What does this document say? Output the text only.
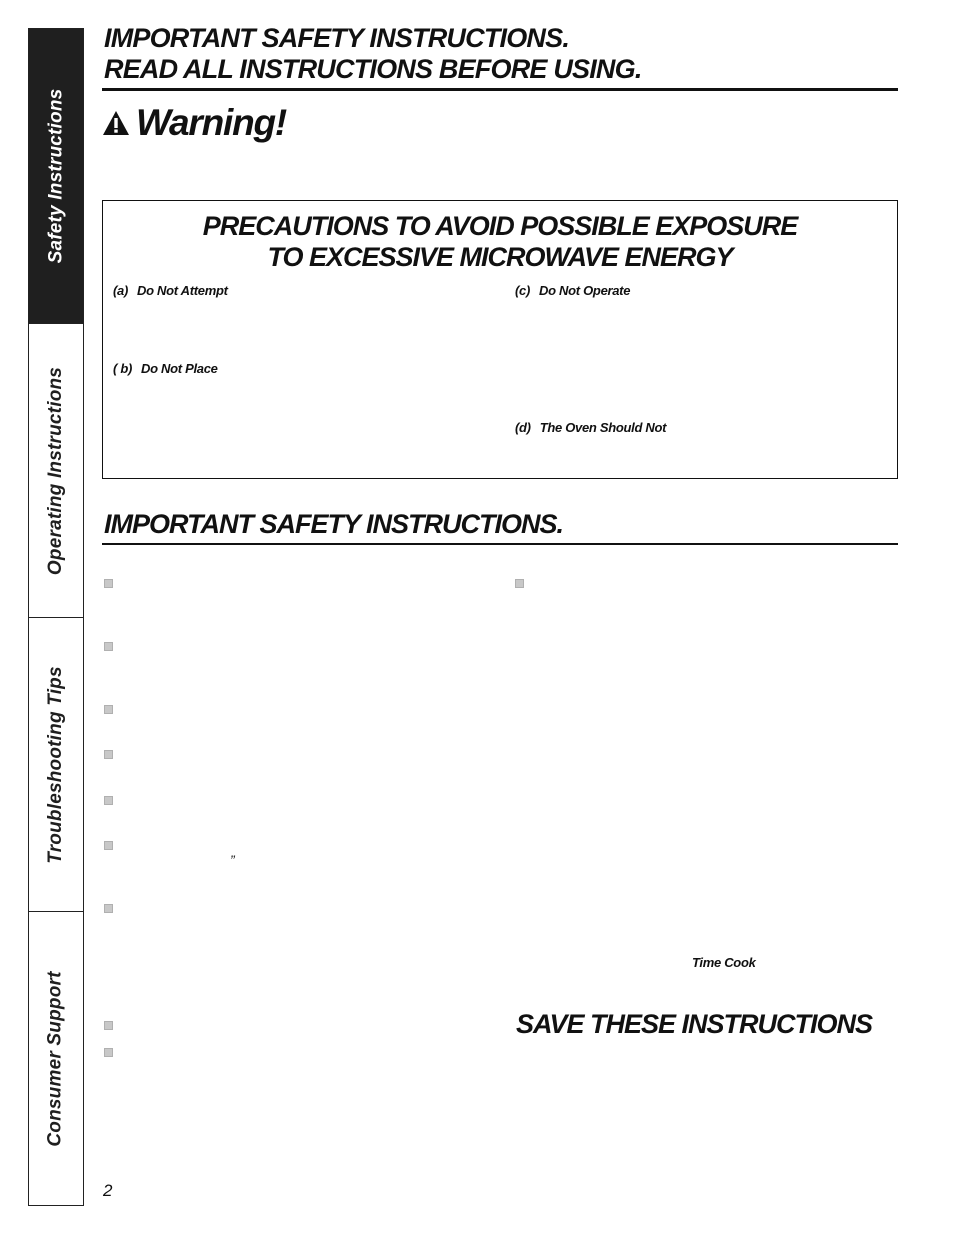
Safety Instructions
Operating Instructions
Troubleshooting Tips
Consumer Support
IMPORTANT SAFETY INSTRUCTIONS.
READ ALL INSTRUCTIONS BEFORE USING.
Warning!
PRECAUTIONS TO AVOID POSSIBLE EXPOSURE
TO EXCESSIVE MICROWAVE ENERGY
(a) Do Not Attempt
( b) Do Not Place
(c) Do Not Operate
(d) The Oven Should Not
IMPORTANT SAFETY INSTRUCTIONS.
”
Time Cook
SAVE THESE INSTRUCTIONS
2
